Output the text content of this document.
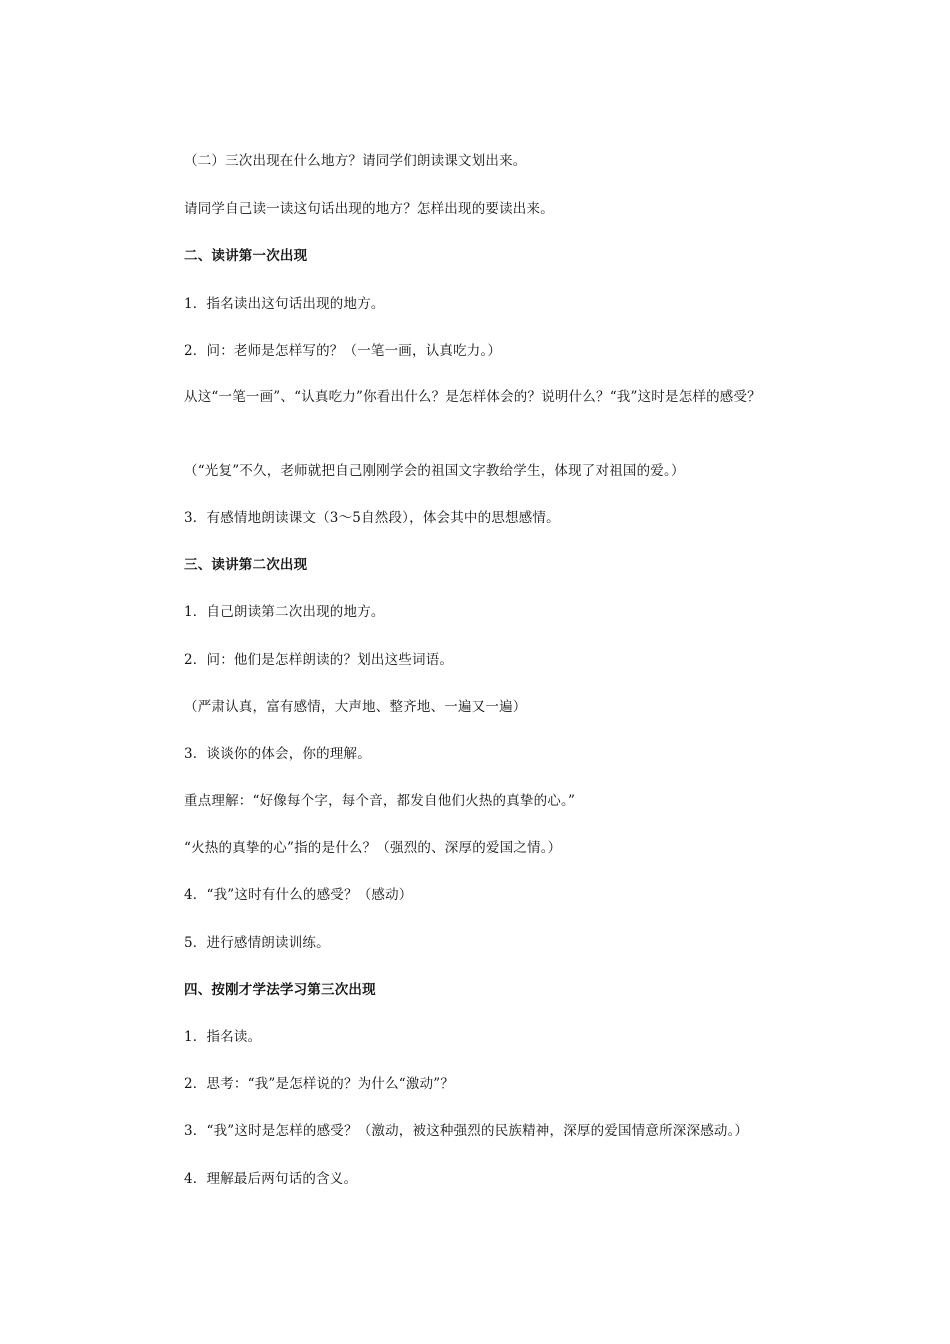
（二）三次出现在什么地方？请同学们朗读课文划出来。
请同学自己读一读这句话出现的地方？怎样出现的要读出来。
二、读讲第一次出现
1．指名读出这句话出现的地方。
2．问：老师是怎样写的？（一笔一画，认真吃力。）
从这“一笔一画”、“认真吃力”你看出什么？是怎样体会的？说明什么？“我”这时是怎样的感受？
（“光复”不久，老师就把自己刚刚学会的祖国文字教给学生，体现了对祖国的爱。）
3．有感情地朗读课文（3～5自然段），体会其中的思想感情。
三、读讲第二次出现
1．自己朗读第二次出现的地方。
2．问：他们是怎样朗读的？划出这些词语。
（严肃认真，富有感情，大声地、整齐地、一遍又一遍）
3．谈谈你的体会，你的理解。
重点理解：“好像每个字，每个音，都发自他们火热的真挚的心。”
“火热的真挚的心”指的是什么？（强烈的、深厚的爱国之情。）
4．“我”这时有什么的感受？（感动）
5．进行感情朗读训练。
四、按刚才学法学习第三次出现
1．指名读。
2．思考：“我”是怎样说的？为什么“激动”？
3．“我”这时是怎样的感受？（激动，被这种强烈的民族精神，深厚的爱国情意所深深感动。）
4．理解最后两句话的含义。
